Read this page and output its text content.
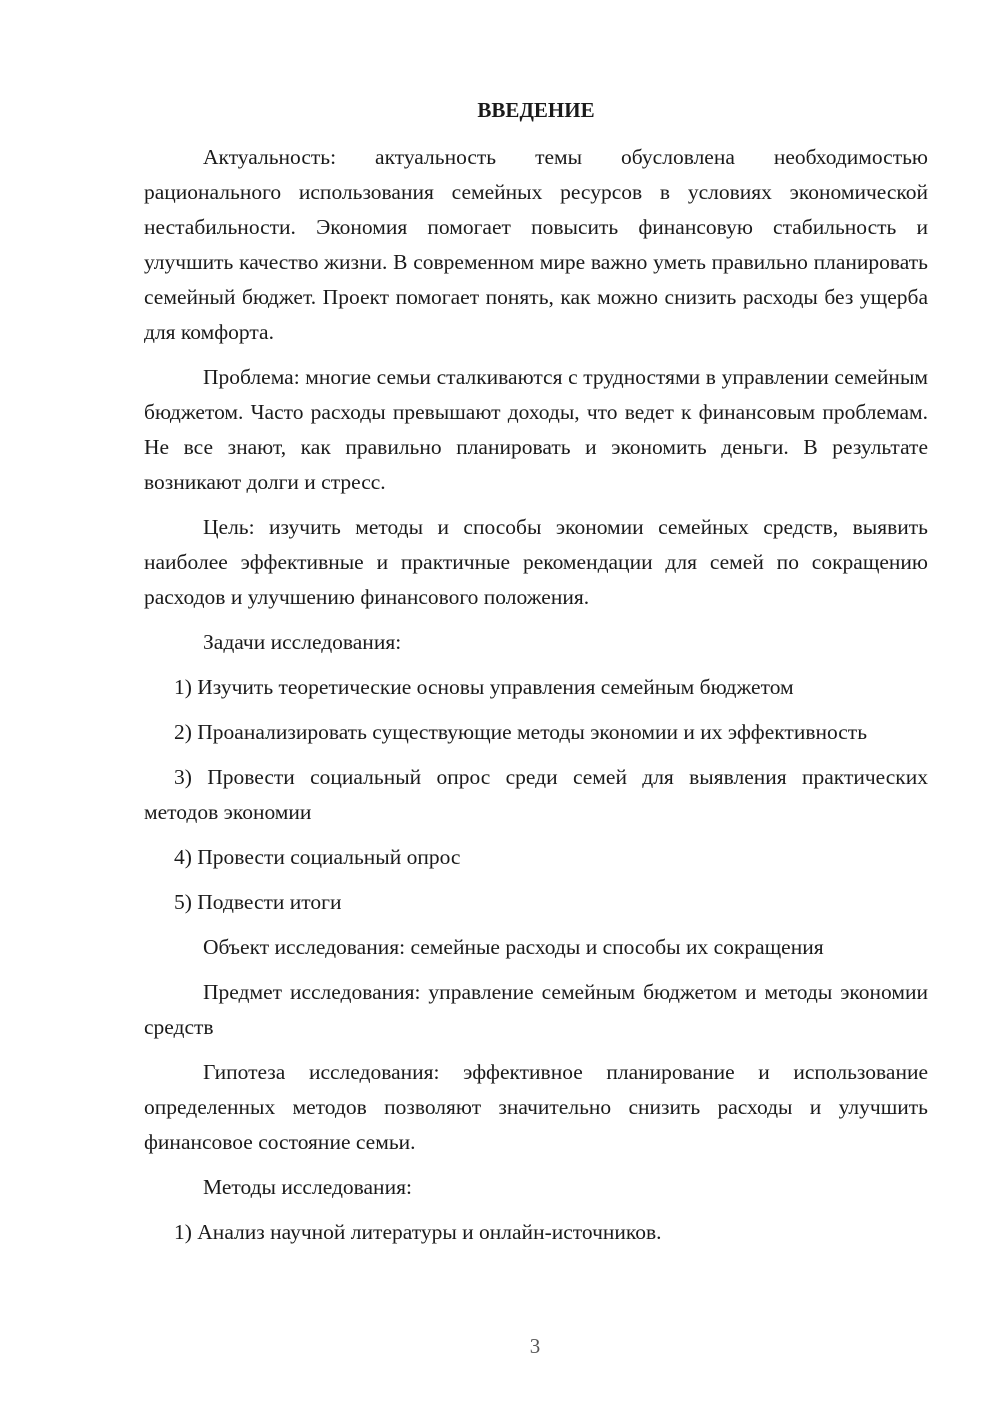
ВВЕДЕНИЕ

Актуальность: актуальность темы обусловлена необходимостью рационального использования семейных ресурсов в условиях экономической нестабильности. Экономия помогает повысить финансовую стабильность и улучшить качество жизни. В современном мире важно уметь правильно планировать семейный бюджет. Проект помогает понять, как можно снизить расходы без ущерба для комфорта.

Проблема: многие семьи сталкиваются с трудностями в управлении семейным бюджетом. Часто расходы превышают доходы, что ведет к финансовым проблемам. Не все знают, как правильно планировать и экономить деньги. В результате возникают долги и стресс.

Цель: изучить методы и способы экономии семейных средств, выявить наиболее эффективные и практичные рекомендации для семей по сокращению расходов и улучшению финансового положения.

Задачи исследования:

1) Изучить теоретические основы управления семейным бюджетом

2) Проанализировать существующие методы экономии и их эффективность

3) Провести социальный опрос среди семей для выявления практических методов экономии

4) Провести социальный опрос

5) Подвести итоги

Объект исследования: семейные расходы и способы их сокращения

Предмет исследования: управление семейным бюджетом и методы экономии средств

Гипотеза исследования: эффективное планирование и использование определенных методов позволяют значительно снизить расходы и улучшить финансовое состояние семьи.

Методы исследования:

1) Анализ научной литературы и онлайн-источников.

3
